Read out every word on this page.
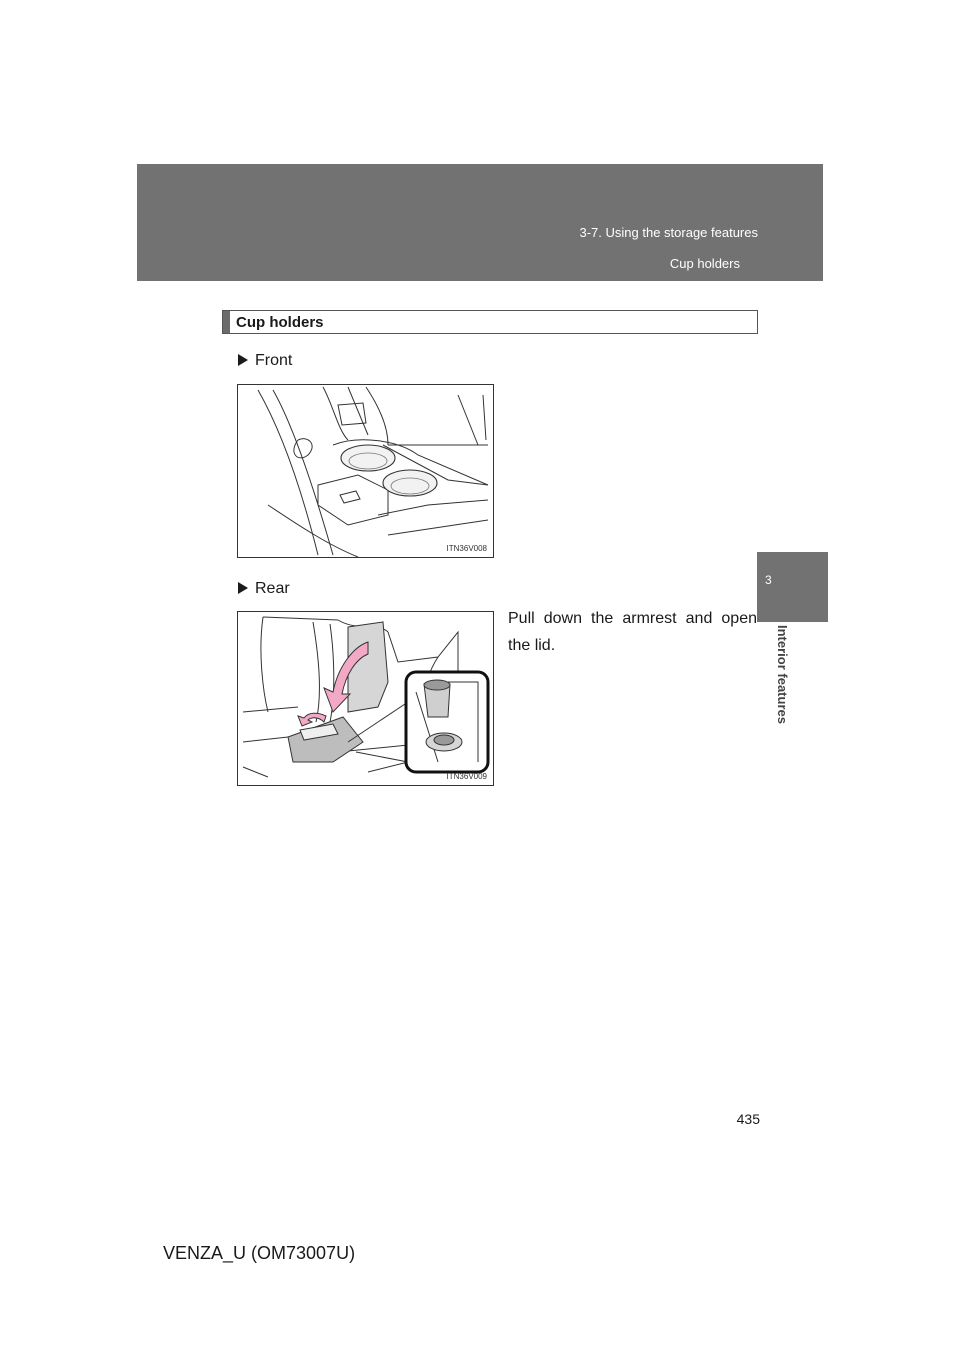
3-7. Using the storage features
Cup holders
3
Interior features
Cup holders
Front
ITN36V008
Rear
ITN36V009
Pull down the armrest and open the lid.
435
VENZA_U (OM73007U)
